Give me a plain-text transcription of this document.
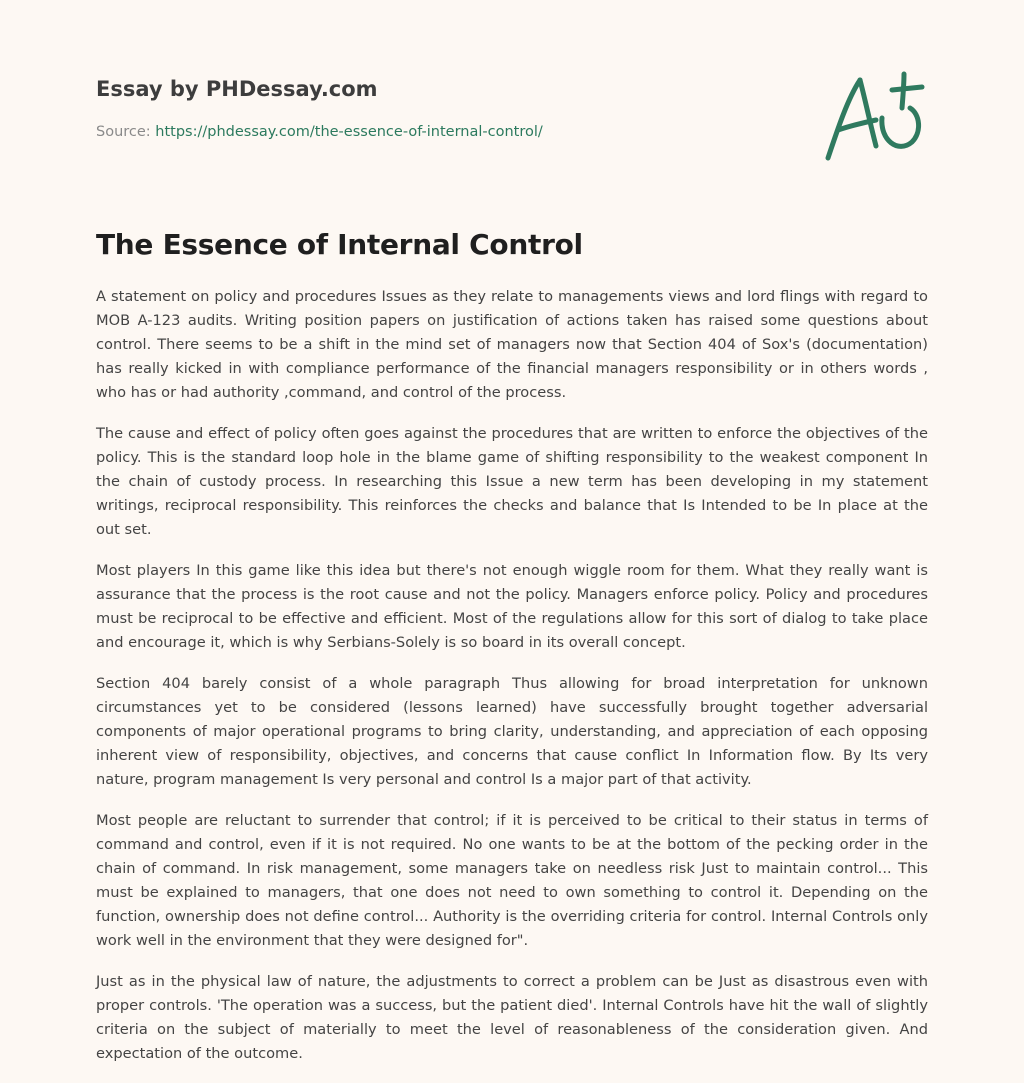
Essay by PHDessay.com
Source: https://phdessay.com/the-essence-of-internal-control/
The Essence of Internal Control

A statement on policy and procedures Issues as they relate to managements views and lord flings with regard to MOB A-123 audits. Writing position papers on justification of actions taken has raised some questions about control. There seems to be a shift in the mind set of managers now that Section 404 of Sox's (documentation) has really kicked in with compliance performance of the financial managers responsibility or in others words , who has or had authority ,command, and control of the process.

The cause and effect of policy often goes against the procedures that are written to enforce the objectives of the policy. This is the standard loop hole in the blame game of shifting responsibility to the weakest component In the chain of custody process. In researching this Issue a new term has been developing in my statement writings, reciprocal responsibility. This reinforces the checks and balance that Is Intended to be In place at the out set.

Most players In this game like this idea but there's not enough wiggle room for them. What they really want is assurance that the process is the root cause and not the policy. Managers enforce policy. Policy and procedures must be reciprocal to be effective and efficient. Most of the regulations allow for this sort of dialog to take place and encourage it, which is why Serbians-Solely is so board in its overall concept.

Section 404 barely consist of a whole paragraph Thus allowing for broad interpretation for unknown circumstances yet to be considered (lessons learned) have successfully brought together adversarial components of major operational programs to bring clarity, understanding, and appreciation of each opposing inherent view of responsibility, objectives, and concerns that cause conflict In Information flow. By Its very nature, program management Is very personal and control Is a major part of that activity.

Most people are reluctant to surrender that control; if it is perceived to be critical to their status in terms of command and control, even if it is not required. No one wants to be at the bottom of the pecking order in the chain of command. In risk management, some managers take on needless risk Just to maintain control... This must be explained to managers, that one does not need to own something to control it. Depending on the function, ownership does not define control... Authority is the overriding criteria for control. Internal Controls only work well in the environment that they were designed for".

Just as in the physical law of nature, the adjustments to correct a problem can be Just as disastrous even with proper controls. 'The operation was a success, but the patient died'. Internal Controls have hit the wall of slightly criteria on the subject of materially to meet the level of reasonableness of the consideration given. And expectation of the outcome.
